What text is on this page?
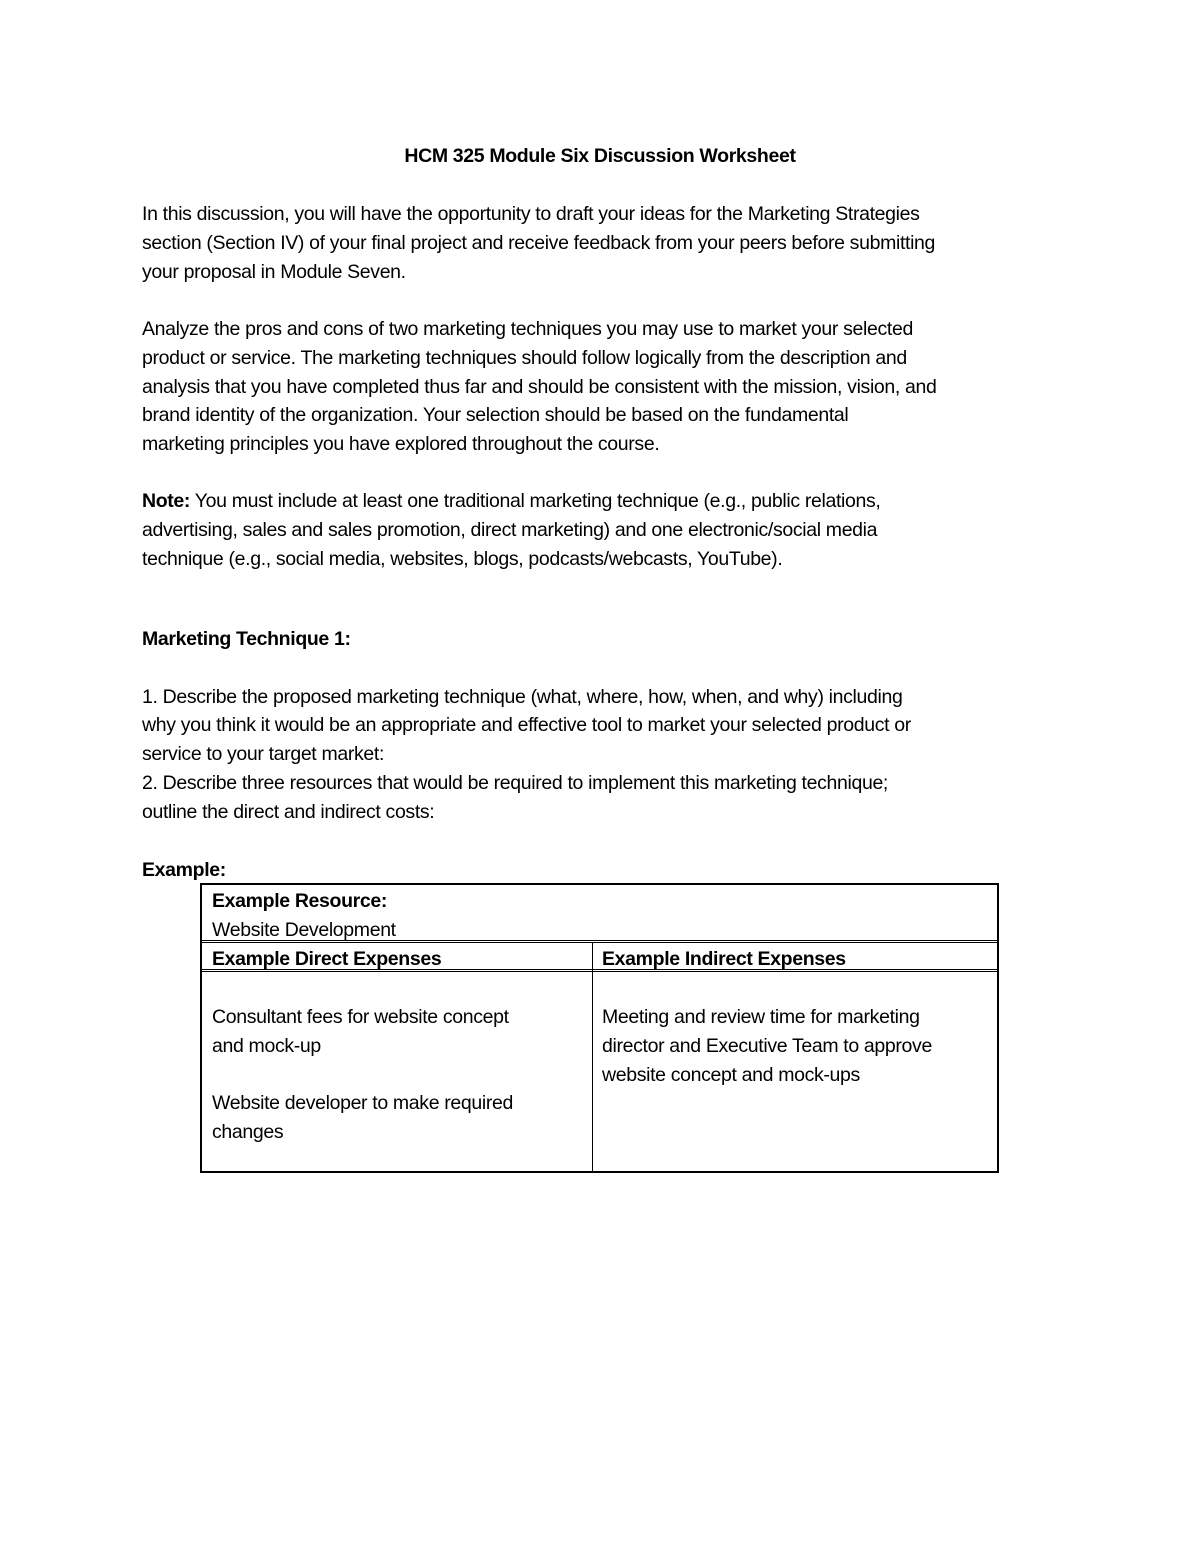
HCM 325 Module Six Discussion Worksheet
In this discussion, you will have the opportunity to draft your ideas for the Marketing Strategies
section (Section IV) of your final project and receive feedback from your peers before submitting
your proposal in Module Seven.
Analyze the pros and cons of two marketing techniques you may use to market your selected
product or service. The marketing techniques should follow logically from the description and
analysis that you have completed thus far and should be consistent with the mission, vision, and
brand identity of the organization. Your selection should be based on the fundamental
marketing principles you have explored throughout the course.
Note: You must include at least one traditional marketing technique (e.g., public relations,
advertising, sales and sales promotion, direct marketing) and one electronic/social media
technique (e.g., social media, websites, blogs, podcasts/webcasts, YouTube).
Marketing Technique 1:
1. Describe the proposed marketing technique (what, where, how, when, and why) including
why you think it would be an appropriate and effective tool to market your selected product or
service to your target market:
2. Describe three resources that would be required to implement this marketing technique;
outline the direct and indirect costs:
Example:
Example Resource:
Website Development
Example Direct Expenses	Example Indirect Expenses
Consultant fees for website concept
and mock-up
Website developer to make required
changes
Meeting and review time for marketing
director and Executive Team to approve
website concept and mock-ups
